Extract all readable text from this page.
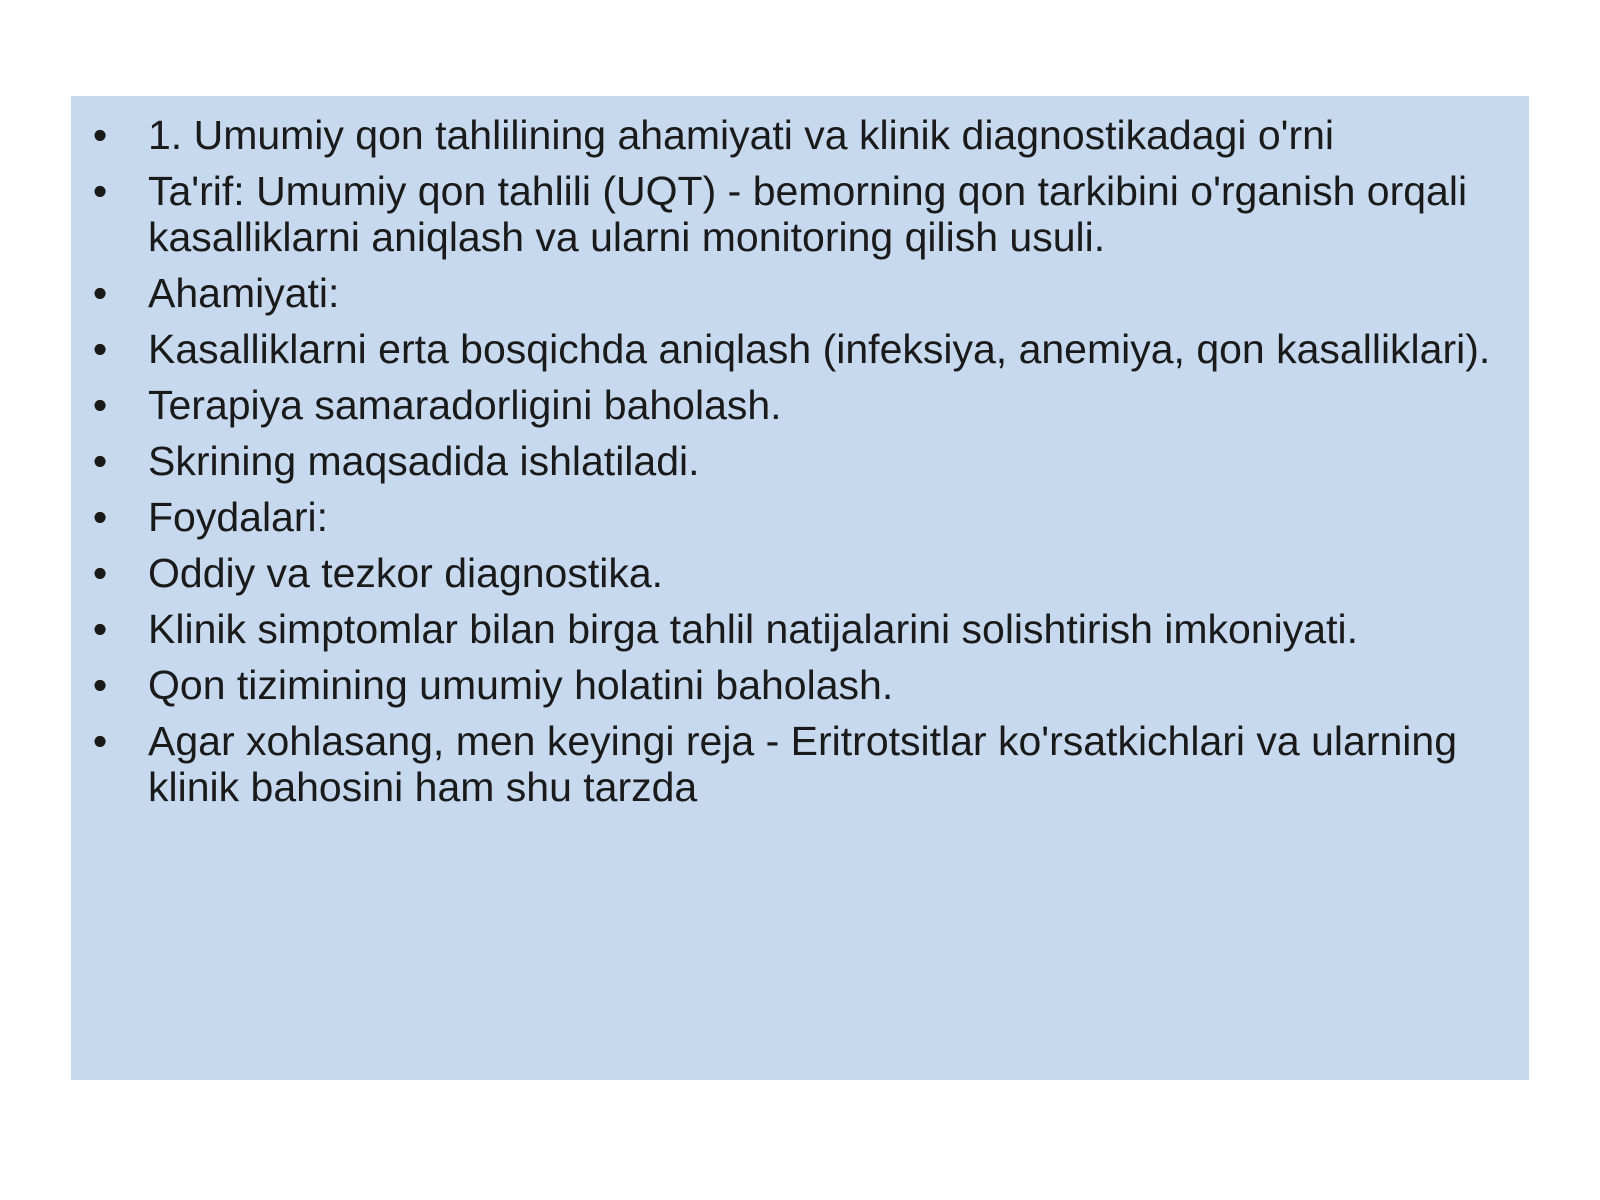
• 1. Umumiy qon tahlilining ahamiyati va klinik diagnostikadagi o'rni
• Ta'rif: Umumiy qon tahlili (UQT) - bemorning qon tarkibini o'rganish orqali kasalliklarni aniqlash va ularni monitoring qilish usuli.
• Ahamiyati:
• Kasalliklarni erta bosqichda aniqlash (infeksiya, anemiya, qon kasalliklari).
• Terapiya samaradorligini baholash.
• Skrining maqsadida ishlatiladi.
• Foydalari:
• Oddiy va tezkor diagnostika.
• Klinik simptomlar bilan birga tahlil natijalarini solishtirish imkoniyati.
• Qon tizimining umumiy holatini baholash.
• Agar xohlasang, men keyingi reja - Eritrotsitlar ko'rsatkichlari va ularning klinik bahosini ham shu tarzda
